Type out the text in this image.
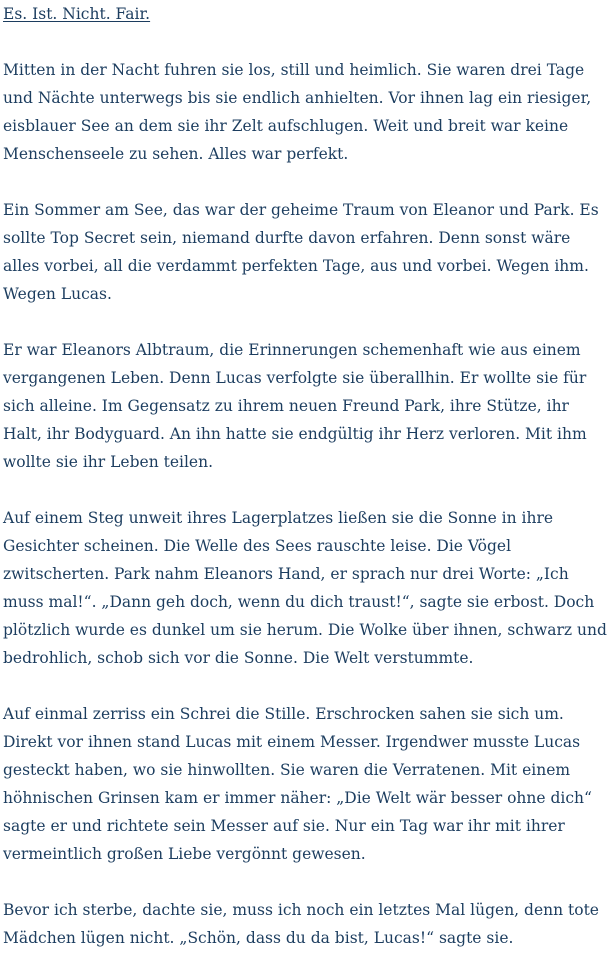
Es. Ist. Nicht. Fair.

Mitten in der Nacht fuhren sie los, still und heimlich. Sie waren drei Tage und Nächte unterwegs bis sie endlich anhielten. Vor ihnen lag ein riesiger, eisblauer See an dem sie ihr Zelt aufschlugen. Weit und breit war keine Menschenseele zu sehen. Alles war perfekt.

Ein Sommer am See, das war der geheime Traum von Eleanor und Park. Es sollte Top Secret sein, niemand durfte davon erfahren. Denn sonst wäre alles vorbei, all die verdammt perfekten Tage, aus und vorbei. Wegen ihm. Wegen Lucas.

Er war Eleanors Albtraum, die Erinnerungen schemenhaft wie aus einem vergangenen Leben. Denn Lucas verfolgte sie überallhin. Er wollte sie für sich alleine. Im Gegensatz zu ihrem neuen Freund Park, ihre Stütze, ihr Halt, ihr Bodyguard. An ihn hatte sie endgültig ihr Herz verloren. Mit ihm wollte sie ihr Leben teilen.

Auf einem Steg unweit ihres Lagerplatzes ließen sie die Sonne in ihre Gesichter scheinen. Die Welle des Sees rauschte leise. Die Vögel zwitscherten. Park nahm Eleanors Hand, er sprach nur drei Worte: „Ich muss mal!“. „Dann geh doch, wenn du dich traust!“, sagte sie erbost. Doch plötzlich wurde es dunkel um sie herum. Die Wolke über ihnen, schwarz und bedrohlich, schob sich vor die Sonne. Die Welt verstummte.

Auf einmal zerriss ein Schrei die Stille. Erschrocken sahen sie sich um. Direkt vor ihnen stand Lucas mit einem Messer. Irgendwer musste Lucas gesteckt haben, wo sie hinwollten. Sie waren die Verratenen. Mit einem höhnischen Grinsen kam er immer näher: „Die Welt wär besser ohne dich“ sagte er und richtete sein Messer auf sie. Nur ein Tag war ihr mit ihrer vermeintlich großen Liebe vergönnt gewesen.

Bevor ich sterbe, dachte sie, muss ich noch ein letztes Mal lügen, denn tote Mädchen lügen nicht. „Schön, dass du da bist, Lucas!“ sagte sie.
